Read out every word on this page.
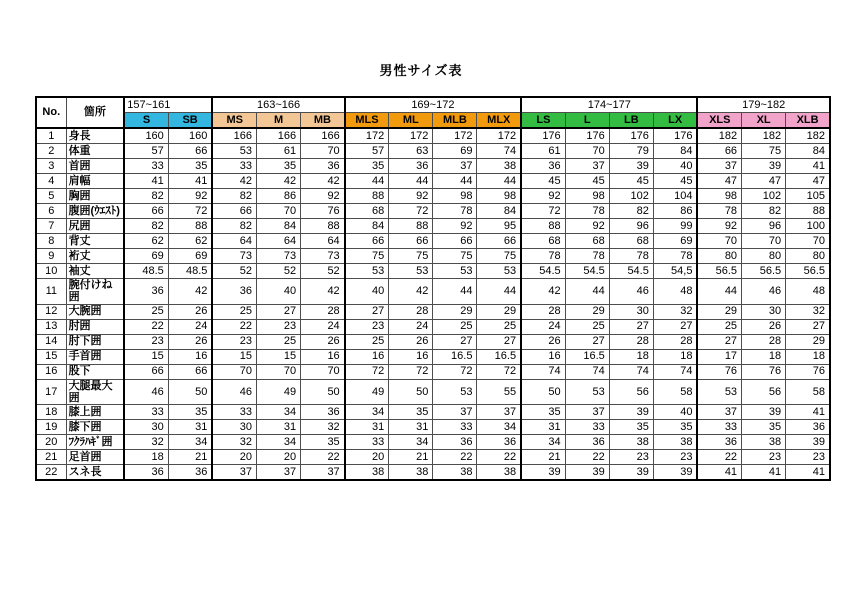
男性サイズ表
No.	箇所	157~161		163~166			169~172				174~177				179~182		
		S	SB	MS	M	MB	MLS	ML	MLB	MLX	LS	L	LB	LX	XLS	XL	XLB
1	身長	160	160	166	166	166	172	172	172	172	176	176	176	176	182	182	182
2	体重	57	66	53	61	70	57	63	69	74	61	70	79	84	66	75	84
3	首囲	33	35	33	35	36	35	36	37	38	36	37	39	40	37	39	41
4	肩幅	41	41	42	42	42	44	44	44	44	45	45	45	45	47	47	47
5	胸囲	82	92	82	86	92	88	92	98	98	92	98	102	104	98	102	105
6	腹囲(ｳｴｽﾄ)	66	72	66	70	76	68	72	78	84	72	78	82	86	78	82	88
7	尻囲	82	88	82	84	88	84	88	92	95	88	92	96	99	92	96	100
8	背丈	62	62	64	64	64	66	66	66	66	68	68	68	69	70	70	70
9	裄丈	69	69	73	73	73	75	75	75	75	78	78	78	78	80	80	80
10	袖丈	48.5	48.5	52	52	52	53	53	53	53	54.5	54.5	54.5	54,5	56.5	56.5	56.5
11	腕付けね囲	36	42	36	40	42	40	42	44	44	42	44	46	48	44	46	48
12	大腕囲	25	26	25	27	28	27	28	29	29	28	29	30	32	29	30	32
13	肘囲	22	24	22	23	24	23	24	25	25	24	25	27	27	25	26	27
14	肘下囲	23	26	23	25	26	25	26	27	27	26	27	28	28	27	28	29
15	手首囲	15	16	15	15	16	16	16	16.5	16.5	16	16.5	18	18	17	18	18
16	股下	66	66	70	70	70	72	72	72	72	74	74	74	74	76	76	76
17	大腿最大囲	46	50	46	49	50	49	50	53	55	50	53	56	58	53	56	58
18	膝上囲	33	35	33	34	36	34	35	37	37	35	37	39	40	37	39	41
19	膝下囲	30	31	30	31	32	31	31	33	34	31	33	35	35	33	35	36
20	ﾌｸﾗﾊｷﾞ囲	32	34	32	34	35	33	34	36	36	34	36	38	38	36	38	39
21	足首囲	18	21	20	20	22	20	21	22	22	21	22	23	23	22	23	23
22	スネ長	36	36	37	37	37	38	38	38	38	39	39	39	39	41	41	41
